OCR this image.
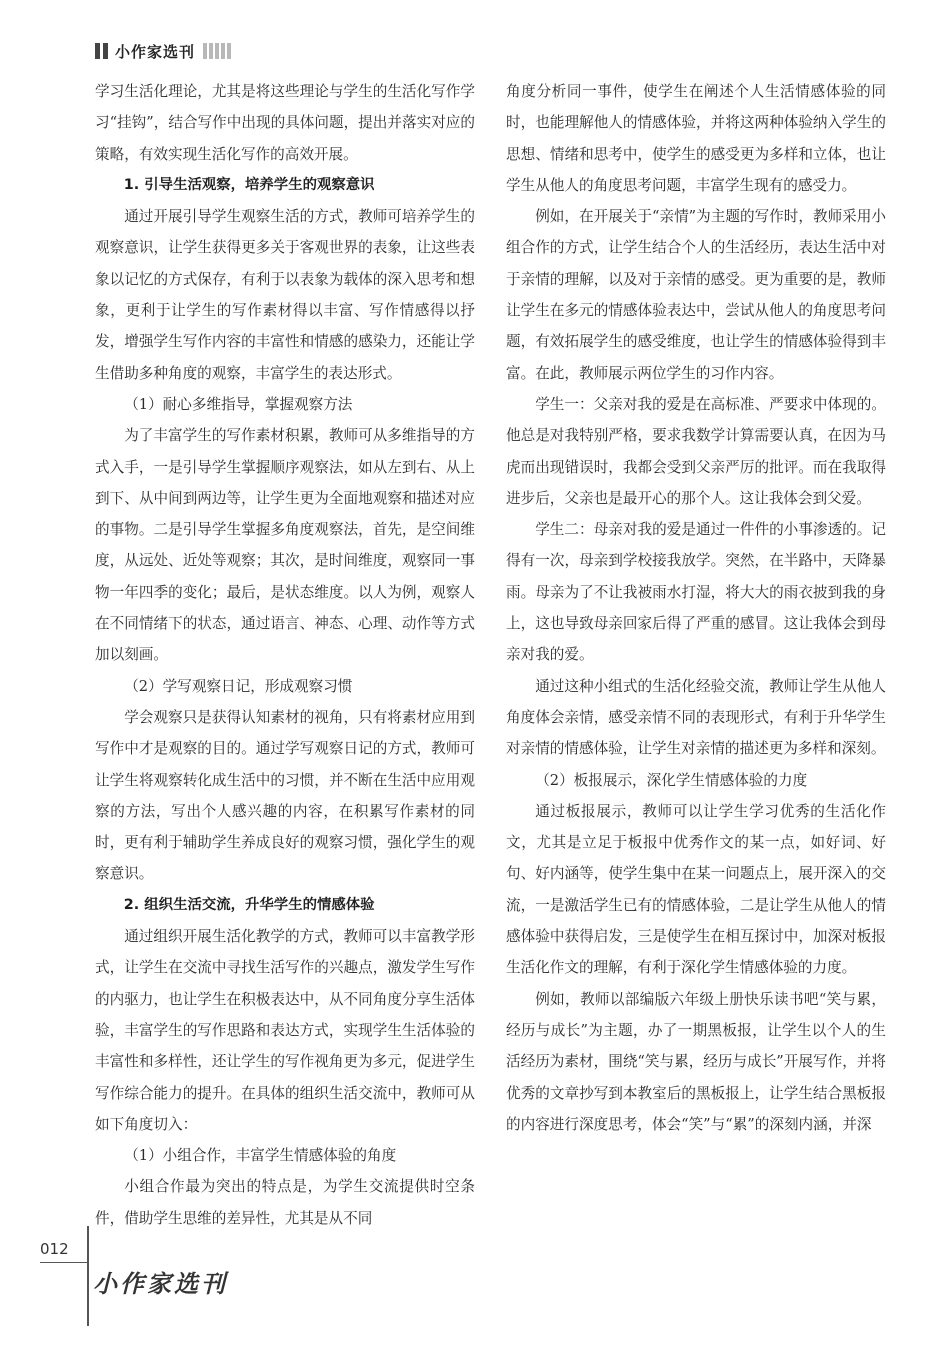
小作家选刊

学习生活化理论，尤其是将这些理论与学生的生活化写作学习“挂钩”，结合写作中出现的具体问题，提出并落实对应的策略，有效实现生活化写作的高效开展。

1. 引导生活观察，培养学生的观察意识

通过开展引导学生观察生活的方式，教师可培养学生的观察意识，让学生获得更多关于客观世界的表象，让这些表象以记忆的方式保存，有利于以表象为载体的深入思考和想象，更利于让学生的写作素材得以丰富、写作情感得以抒发，增强学生写作内容的丰富性和情感的感染力，还能让学生借助多种角度的观察，丰富学生的表达形式。

（1）耐心多维指导，掌握观察方法

为了丰富学生的写作素材积累，教师可从多维指导的方式入手，一是引导学生掌握顺序观察法，如从左到右、从上到下、从中间到两边等，让学生更为全面地观察和描述对应的事物。二是引导学生掌握多角度观察法，首先，是空间维度，从远处、近处等观察；其次，是时间维度，观察同一事物一年四季的变化；最后，是状态维度。以人为例，观察人在不同情绪下的状态，通过语言、神态、心理、动作等方式加以刻画。

（2）学写观察日记，形成观察习惯

学会观察只是获得认知素材的视角，只有将素材应用到写作中才是观察的目的。通过学写观察日记的方式，教师可让学生将观察转化成生活中的习惯，并不断在生活中应用观察的方法，写出个人感兴趣的内容，在积累写作素材的同时，更有利于辅助学生养成良好的观察习惯，强化学生的观察意识。

2. 组织生活交流，升华学生的情感体验

通过组织开展生活化教学的方式，教师可以丰富教学形式，让学生在交流中寻找生活写作的兴趣点，激发学生写作的内驱力，也让学生在积极表达中，从不同角度分享生活体验，丰富学生的写作思路和表达方式，实现学生生活体验的丰富性和多样性，还让学生的写作视角更为多元，促进学生写作综合能力的提升。在具体的组织生活交流中，教师可从如下角度切入：

（1）小组合作，丰富学生情感体验的角度

小组合作最为突出的特点是，为学生交流提供时空条件，借助学生思维的差异性，尤其是从不同

角度分析同一事件，使学生在阐述个人生活情感体验的同时，也能理解他人的情感体验，并将这两种体验纳入学生的思想、情绪和思考中，使学生的感受更为多样和立体，也让学生从他人的角度思考问题，丰富学生现有的感受力。

例如，在开展关于“亲情”为主题的写作时，教师采用小组合作的方式，让学生结合个人的生活经历，表达生活中对于亲情的理解，以及对于亲情的感受。更为重要的是，教师让学生在多元的情感体验表达中，尝试从他人的角度思考问题，有效拓展学生的感受维度，也让学生的情感体验得到丰富。在此，教师展示两位学生的习作内容。

学生一：父亲对我的爱是在高标准、严要求中体现的。他总是对我特别严格，要求我数学计算需要认真，在因为马虎而出现错误时，我都会受到父亲严厉的批评。而在我取得进步后，父亲也是最开心的那个人。这让我体会到父爱。

学生二：母亲对我的爱是通过一件件的小事渗透的。记得有一次，母亲到学校接我放学。突然，在半路中，天降暴雨。母亲为了不让我被雨水打湿，将大大的雨衣披到我的身上，这也导致母亲回家后得了严重的感冒。这让我体会到母亲对我的爱。

通过这种小组式的生活化经验交流，教师让学生从他人角度体会亲情，感受亲情不同的表现形式，有利于升华学生对亲情的情感体验，让学生对亲情的描述更为多样和深刻。

（2）板报展示，深化学生情感体验的力度

通过板报展示，教师可以让学生学习优秀的生活化作文，尤其是立足于板报中优秀作文的某一点，如好词、好句、好内涵等，使学生集中在某一问题点上，展开深入的交流，一是激活学生已有的情感体验，二是让学生从他人的情感体验中获得启发，三是使学生在相互探讨中，加深对板报生活化作文的理解，有利于深化学生情感体验的力度。

例如，教师以部编版六年级上册快乐读书吧“笑与累，经历与成长”为主题，办了一期黑板报，让学生以个人的生活经历为素材，围绕“笑与累，经历与成长”开展写作，并将优秀的文章抄写到本教室后的黑板报上，让学生结合黑板报的内容进行深度思考，体会“笑”与“累”的深刻内涵，并深

012
小作家选刊
